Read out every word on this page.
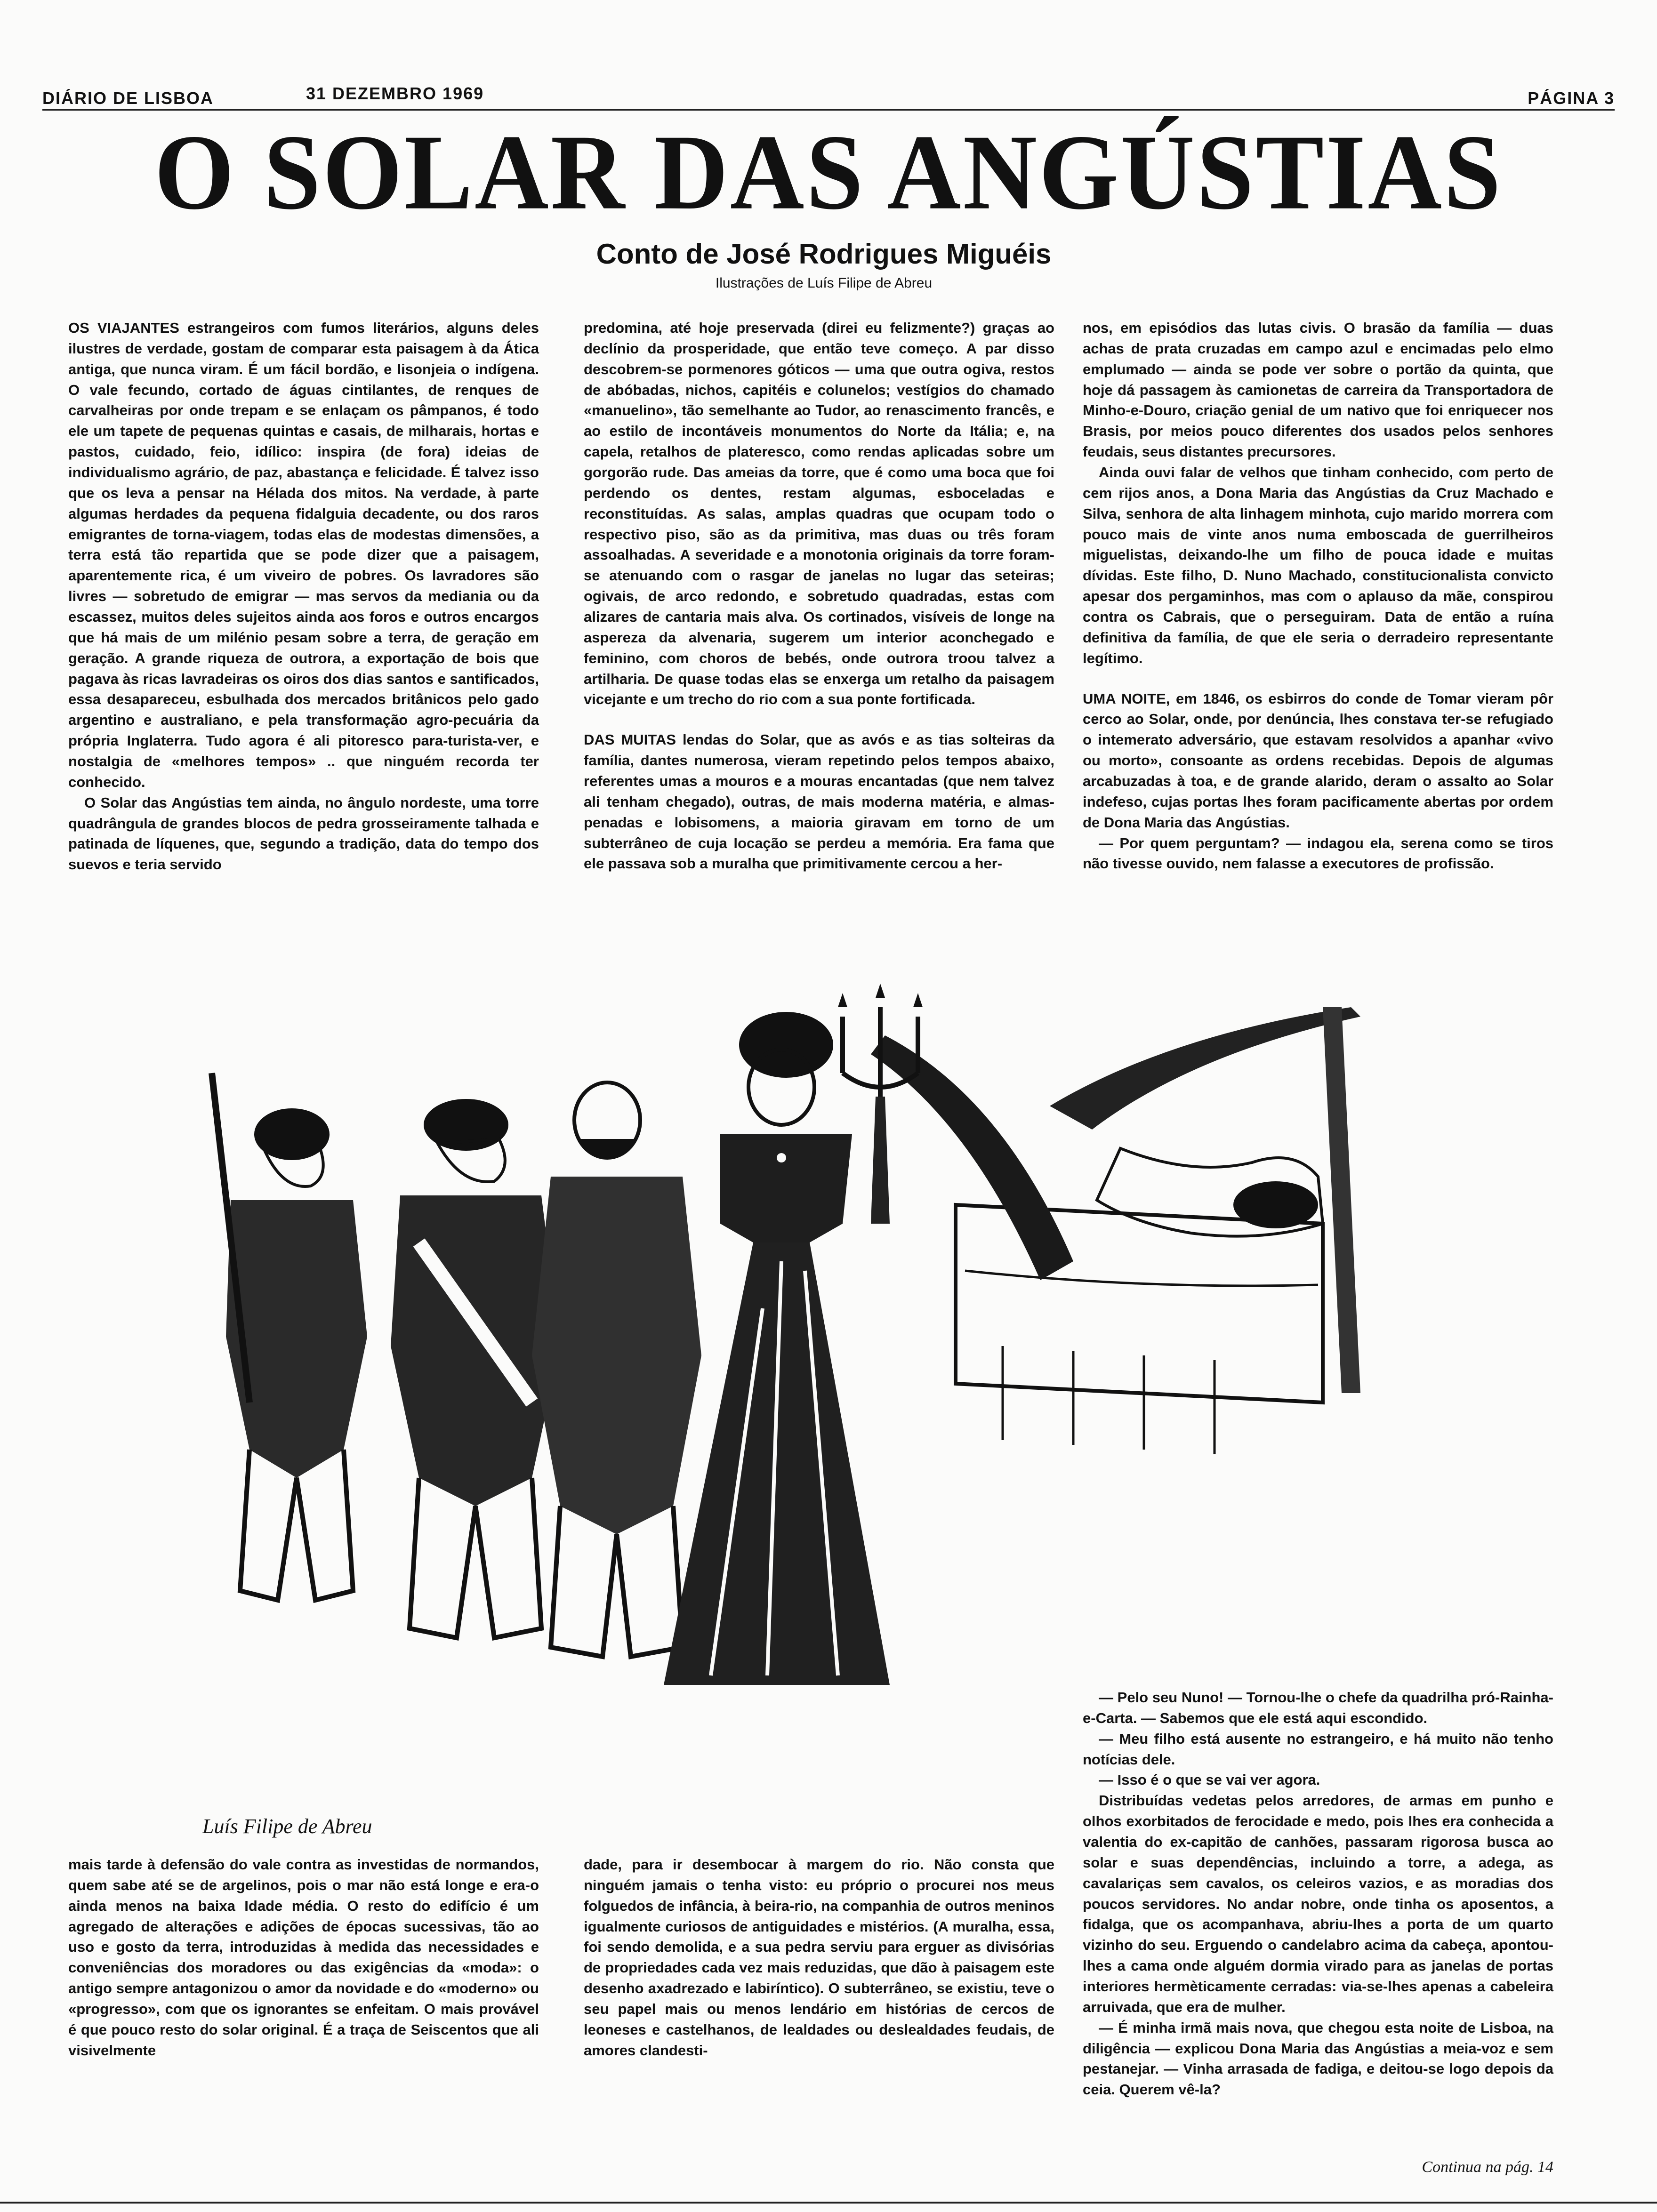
DIÁRIO DE LISBOA	31 DEZEMBRO 1969	PÁGINA 3
O SOLAR DAS ANGÚSTIAS
Conto de José Rodrigues Miguéis
Ilustrações de Luís Filipe de Abreu

OS VIAJANTES estrangeiros com fumos literários, alguns deles ilustres de verdade, gostam de comparar esta paisagem à da Ática antiga, que nunca viram. É um fácil bordão, e lisonjeia o indígena. O vale fecundo, cortado de águas cintilantes, de renques de carvalheiras por onde trepam e se enlaçam os pâmpanos, é todo ele um tapete de pequenas quintas e casais, de milharais, hortas e pastos, cuidado, feio, idílico: inspira (de fora) ideias de individualismo agrário, de paz, abastança e felicidade. É talvez isso que os leva a pensar na Hélada dos mitos. Na verdade, à parte algumas herdades da pequena fidalguia decadente, ou dos raros emigrantes de torna-viagem, todas elas de modestas dimensões, a terra está tão repartida que se pode dizer que a paisagem, aparentemente rica, é um viveiro de pobres. Os lavradores são livres — sobretudo de emigrar — mas servos da mediania ou da escassez, muitos deles sujeitos ainda aos foros e outros encargos que há mais de um milénio pesam sobre a terra, de geração em geração. A grande riqueza de outrora, a exportação de bois que pagava às ricas lavradeiras os oiros dos dias santos e santificados, essa desapareceu, esbulhada dos mercados britânicos pelo gado argentino e australiano, e pela transformação agro-pecuária da própria Inglaterra. Tudo agora é ali pitoresco para-turista-ver, e nostalgia de «melhores tempos» .. que ninguém recorda ter conhecido.

O Solar das Angústias tem ainda, no ângulo nordeste, uma torre quadrângula de grandes blocos de pedra grosseiramente talhada e patinada de líquenes, que, segundo a tradição, data do tempo dos suevos e teria servido

predomina, até hoje preservada (direi eu felizmente?) graças ao declínio da prosperidade, que então teve começo. A par disso descobrem-se pormenores góticos — uma que outra ogiva, restos de abóbadas, nichos, capitéis e colunelos; vestígios do chamado «manuelino», tão semelhante ao Tudor, ao renascimento francês, e ao estilo de incontáveis monumentos do Norte da Itália; e, na capela, retalhos de plateresco, como rendas aplicadas sobre um gorgorão rude. Das ameias da torre, que é como uma boca que foi perdendo os dentes, restam algumas, esboceladas e reconstituídas. As salas, amplas quadras que ocupam todo o respectivo piso, são as da primitiva, mas duas ou três foram assoalhadas. A severidade e a monotonia originais da torre foram-se atenuando com o rasgar de janelas no lugar das seteiras; ogivais, de arco redondo, e sobretudo quadradas, estas com alizares de cantaria mais alva. Os cortinados, visíveis de longe na aspereza da alvenaria, sugerem um interior aconchegado e feminino, com choros de bebés, onde outrora troou talvez a artilharia. De quase todas elas se enxerga um retalho da paisagem vicejante e um trecho do rio com a sua ponte fortificada.

DAS MUITAS lendas do Solar, que as avós e as tias solteiras da família, dantes numerosa, vieram repetindo pelos tempos abaixo, referentes umas a mouros e a mouras encantadas (que nem talvez ali tenham chegado), outras, de mais moderna matéria, e almas-penadas e lobisomens, a maioria giravam em torno de um subterrâneo de cuja locação se perdeu a memória. Era fama que ele passava sob a muralha que primitivamente cercou a her-

nos, em episódios das lutas civis. O brasão da família — duas achas de prata cruzadas em campo azul e encimadas pelo elmo emplumado — ainda se pode ver sobre o portão da quinta, que hoje dá passagem às camionetas de carreira da Transportadora de Minho-e-Douro, criação genial de um nativo que foi enriquecer nos Brasis, por meios pouco diferentes dos usados pelos senhores feudais, seus distantes precursores.

Ainda ouvi falar de velhos que tinham conhecido, com perto de cem rijos anos, a Dona Maria das Angústias da Cruz Machado e Silva, senhora de alta linhagem minhota, cujo marido morrera com pouco mais de vinte anos numa emboscada de guerrilheiros miguelistas, deixando-lhe um filho de pouca idade e muitas dívidas. Este filho, D. Nuno Machado, constitucionalista convicto apesar dos pergaminhos, mas com o aplauso da mãe, conspirou contra os Cabrais, que o perseguiram. Data de então a ruína definitiva da família, de que ele seria o derradeiro representante legítimo.

UMA NOITE, em 1846, os esbirros do conde de Tomar vieram pôr cerco ao Solar, onde, por denúncia, lhes constava ter-se refugiado o intemerato adversário, que estavam resolvidos a apanhar «vivo ou morto», consoante as ordens recebidas. Depois de algumas arcabuzadas à toa, e de grande alarido, deram o assalto ao Solar indefeso, cujas portas lhes foram pacificamente abertas por ordem de Dona Maria das Angústias.

— Por quem perguntam? — indagou ela, serena como se tiros não tivesse ouvido, nem falasse a executores de profissão.

Luís Filipe de Abreu

mais tarde à defensão do vale contra as investidas de normandos, quem sabe até se de argelinos, pois o mar não está longe e era-o ainda menos na baixa Idade média. O resto do edifício é um agregado de alterações e adições de épocas sucessivas, tão ao uso e gosto da terra, introduzidas à medida das necessidades e conveniências dos moradores ou das exigências da «moda»: o antigo sempre antagonizou o amor da novidade e do «moderno» ou «progresso», com que os ignorantes se enfeitam. O mais provável é que pouco resto do solar original. É a traça de Seiscentos que ali visivelmente

dade, para ir desembocar à margem do rio. Não consta que ninguém jamais o tenha visto: eu próprio o procurei nos meus folguedos de infância, à beira-rio, na companhia de outros meninos igualmente curiosos de antiguidades e mistérios. (A muralha, essa, foi sendo demolida, e a sua pedra serviu para erguer as divisórias de propriedades cada vez mais reduzidas, que dão à paisagem este desenho axadrezado e labiríntico). O subterrâneo, se existiu, teve o seu papel mais ou menos lendário em histórias de cercos de leoneses e castelhanos, de lealdades ou deslealdades feudais, de amores clandesti-

— Pelo seu Nuno! — Tornou-lhe o chefe da quadrilha pró-Rainha-e-Carta. — Sabemos que ele está aqui escondido.

— Meu filho está ausente no estrangeiro, e há muito não tenho notícias dele.

— Isso é o que se vai ver agora.

Distribuídas vedetas pelos arredores, de armas em punho e olhos exorbitados de ferocidade e medo, pois lhes era conhecida a valentia do ex-capitão de canhões, passaram rigorosa busca ao solar e suas dependências, incluindo a torre, a adega, as cavalariças sem cavalos, os celeiros vazios, e as moradias dos poucos servidores. No andar nobre, onde tinha os aposentos, a fidalga, que os acompanhava, abriu-lhes a porta de um quarto vizinho do seu. Erguendo o candelabro acima da cabeça, apontou-lhes a cama onde alguém dormia virado para as janelas de portas interiores hermèticamente cerradas: via-se-lhes apenas a cabeleira arruivada, que era de mulher.

— É minha irmã mais nova, que chegou esta noite de Lisboa, na diligência — explicou Dona Maria das Angústias a meia-voz e sem pestanejar. — Vinha arrasada de fadiga, e deitou-se logo depois da ceia. Querem vê-la?

Continua na pág. 14
